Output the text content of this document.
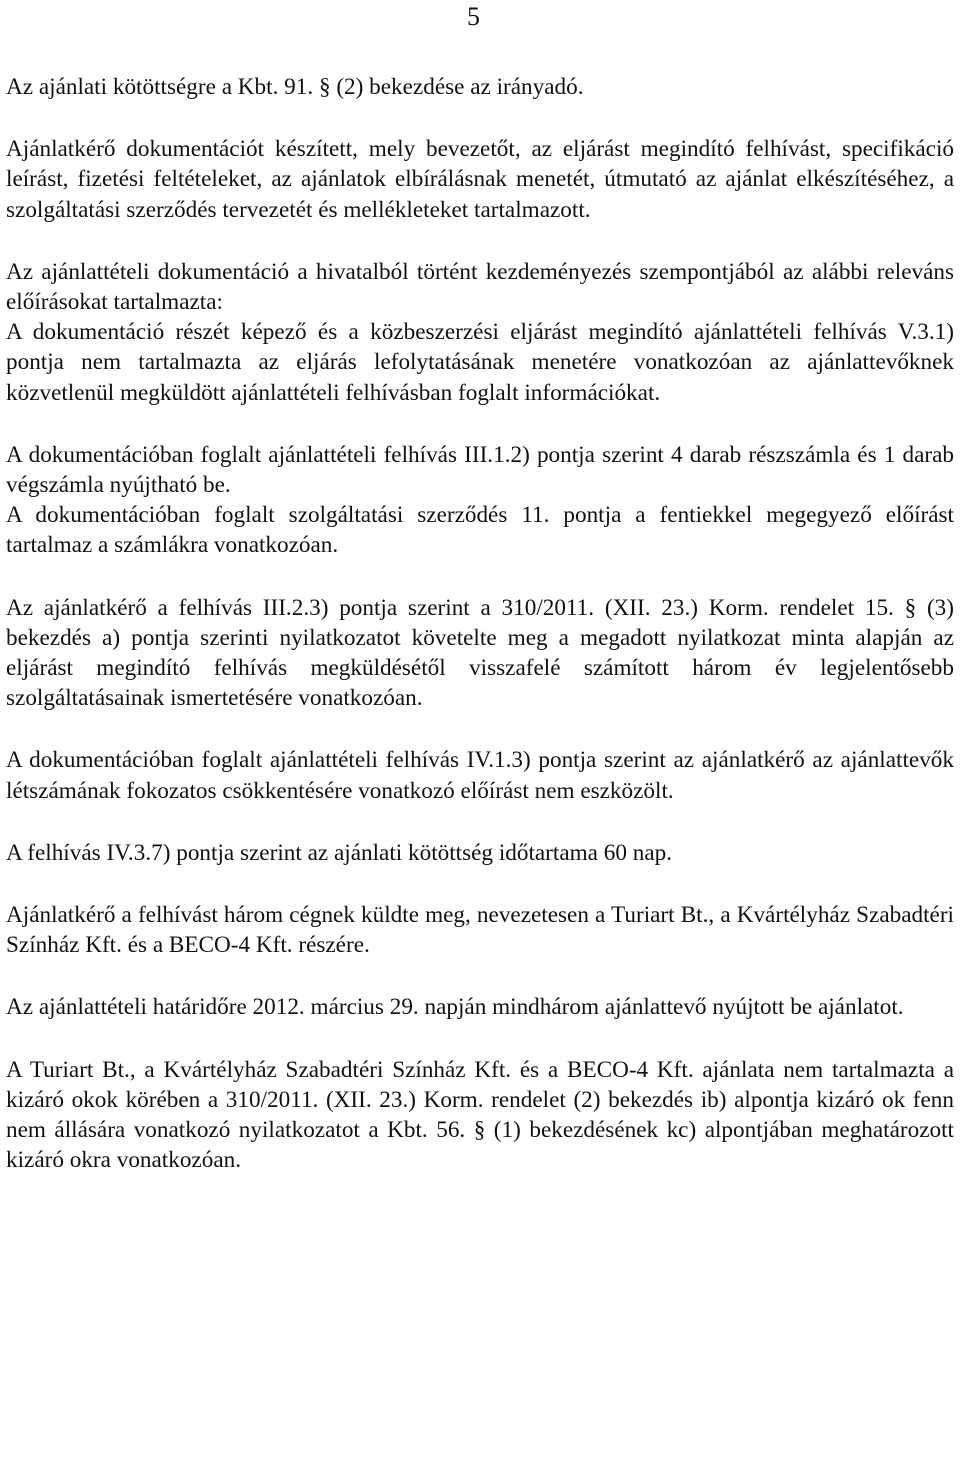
5

Az ajánlati kötöttségre a Kbt. 91. § (2) bekezdése az irányadó.

Ajánlatkérő dokumentációt készített, mely bevezetőt, az eljárást megindító felhívást, specifikáció leírást, fizetési feltételeket, az ajánlatok elbírálásnak menetét, útmutató az ajánlat elkészítéséhez, a szolgáltatási szerződés tervezetét és mellékleteket tartalmazott.

Az ajánlattételi dokumentáció a hivatalból történt kezdeményezés szempontjából az alábbi releváns előírásokat tartalmazta:

A dokumentáció részét képező és a közbeszerzési eljárást megindító ajánlattételi felhívás V.3.1) pontja nem tartalmazta az eljárás lefolytatásának menetére vonatkozóan az ajánlattevőknek közvetlenül megküldött ajánlattételi felhívásban foglalt információkat.

A dokumentációban foglalt ajánlattételi felhívás III.1.2) pontja szerint 4 darab részszámla és 1 darab végszámla nyújtható be.

A dokumentációban foglalt szolgáltatási szerződés 11. pontja a fentiekkel megegyező előírást tartalmaz a számlákra vonatkozóan.

Az ajánlatkérő a felhívás III.2.3) pontja szerint a 310/2011. (XII. 23.) Korm. rendelet 15. § (3) bekezdés a) pontja szerinti nyilatkozatot követelte meg a megadott nyilatkozat minta alapján az eljárást megindító felhívás megküldésétől visszafelé számított három év legjelentősebb szolgáltatásainak ismertetésére vonatkozóan.

A dokumentációban foglalt ajánlattételi felhívás IV.1.3) pontja szerint az ajánlatkérő az ajánlattevők létszámának fokozatos csökkentésére vonatkozó előírást nem eszközölt.

A felhívás IV.3.7) pontja szerint az ajánlati kötöttség időtartama 60 nap.

Ajánlatkérő a felhívást három cégnek küldte meg, nevezetesen a Turiart Bt., a Kvártélyház Szabadtéri Színház Kft. és a BECO-4 Kft. részére.

Az ajánlattételi határidőre 2012. március 29. napján mindhárom ajánlattevő nyújtott be ajánlatot.

A Turiart Bt., a Kvártélyház Szabadtéri Színház Kft. és a BECO-4 Kft. ajánlata nem tartalmazta a kizáró okok körében a 310/2011. (XII. 23.) Korm. rendelet (2) bekezdés ib) alpontja kizáró ok fenn nem állására vonatkozó nyilatkozatot a Kbt. 56. § (1) bekezdésének kc) alpontjában meghatározott kizáró okra vonatkozóan.
